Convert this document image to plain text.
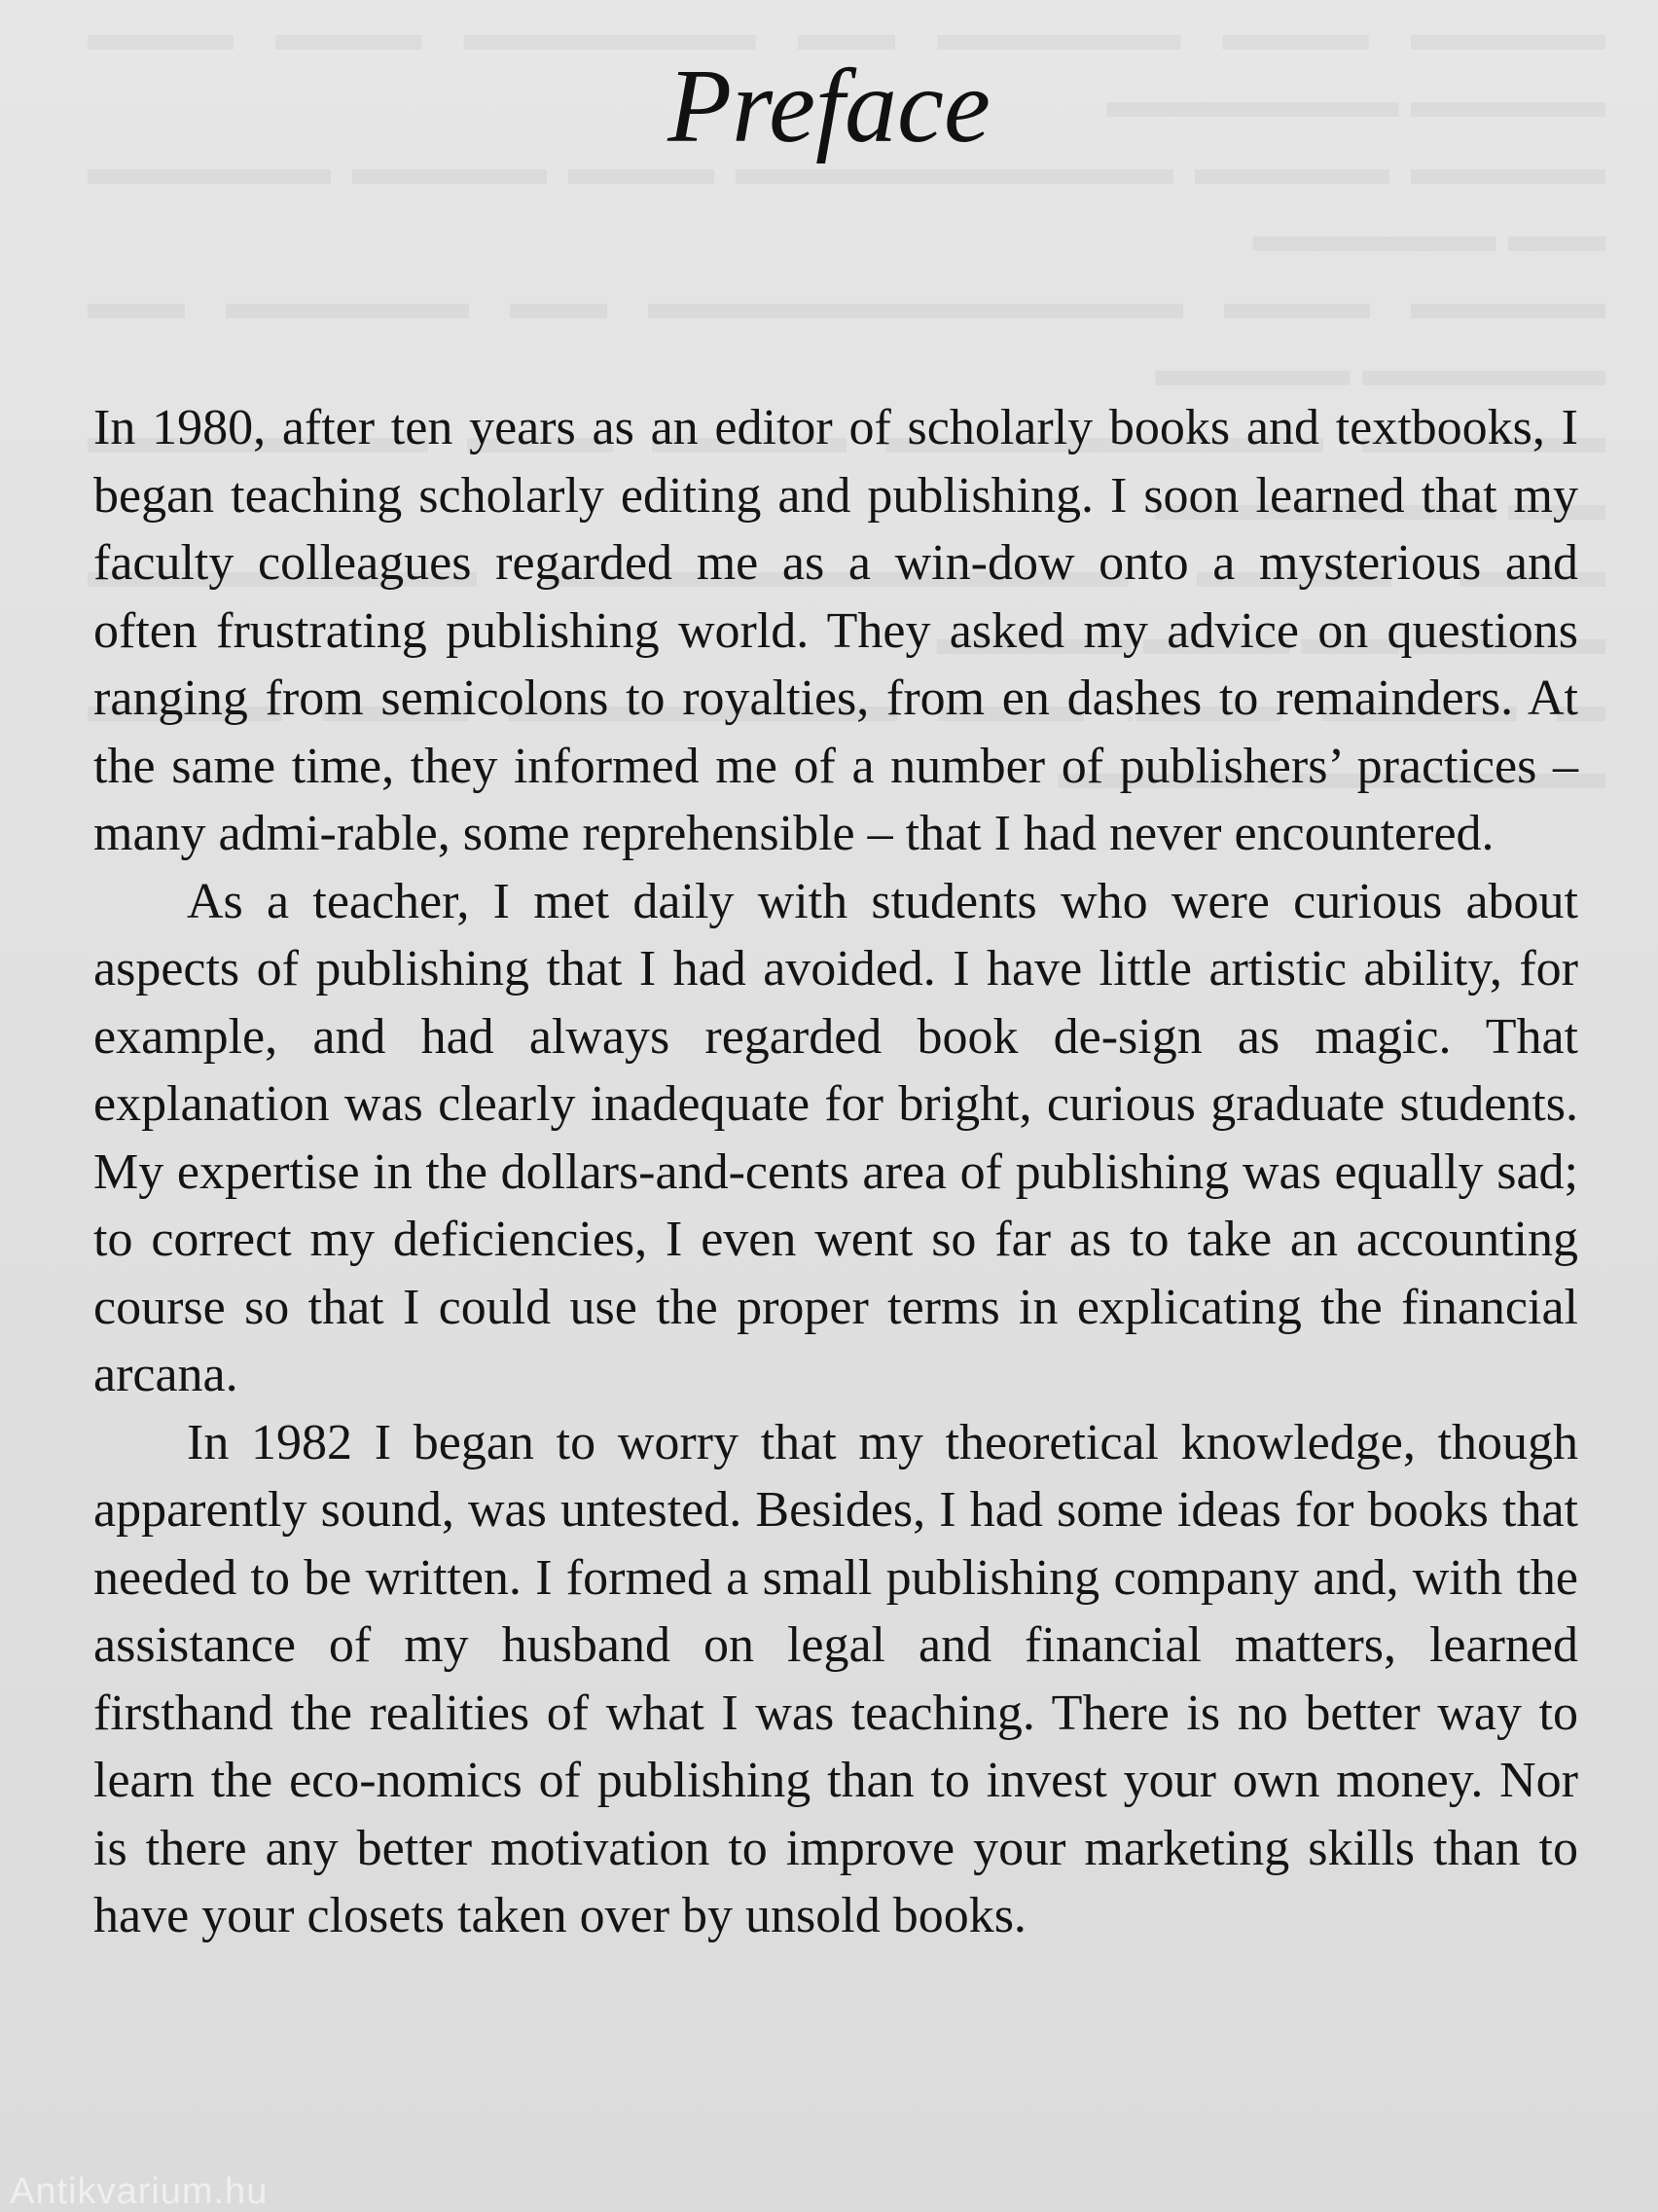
Preface

In 1980, after ten years as an editor of scholarly books and textbooks, I began teaching scholarly editing and publishing. I soon learned that my faculty colleagues regarded me as a win-dow onto a mysterious and often frustrating publishing world. They asked my advice on questions ranging from semicolons to royalties, from en dashes to remainders. At the same time, they informed me of a number of publishers’ practices – many admi-rable, some reprehensible – that I had never encountered.

As a teacher, I met daily with students who were curious about aspects of publishing that I had avoided. I have little artistic ability, for example, and had always regarded book de-sign as magic. That explanation was clearly inadequate for bright, curious graduate students. My expertise in the dollars-and-cents area of publishing was equally sad; to correct my deficiencies, I even went so far as to take an accounting course so that I could use the proper terms in explicating the financial arcana.

In 1982 I began to worry that my theoretical knowledge, though apparently sound, was untested. Besides, I had some ideas for books that needed to be written. I formed a small publishing company and, with the assistance of my husband on legal and financial matters, learned firsthand the realities of what I was teaching. There is no better way to learn the eco-nomics of publishing than to invest your own money. Nor is there any better motivation to improve your marketing skills than to have your closets taken over by unsold books.

Antikvarium.hu
